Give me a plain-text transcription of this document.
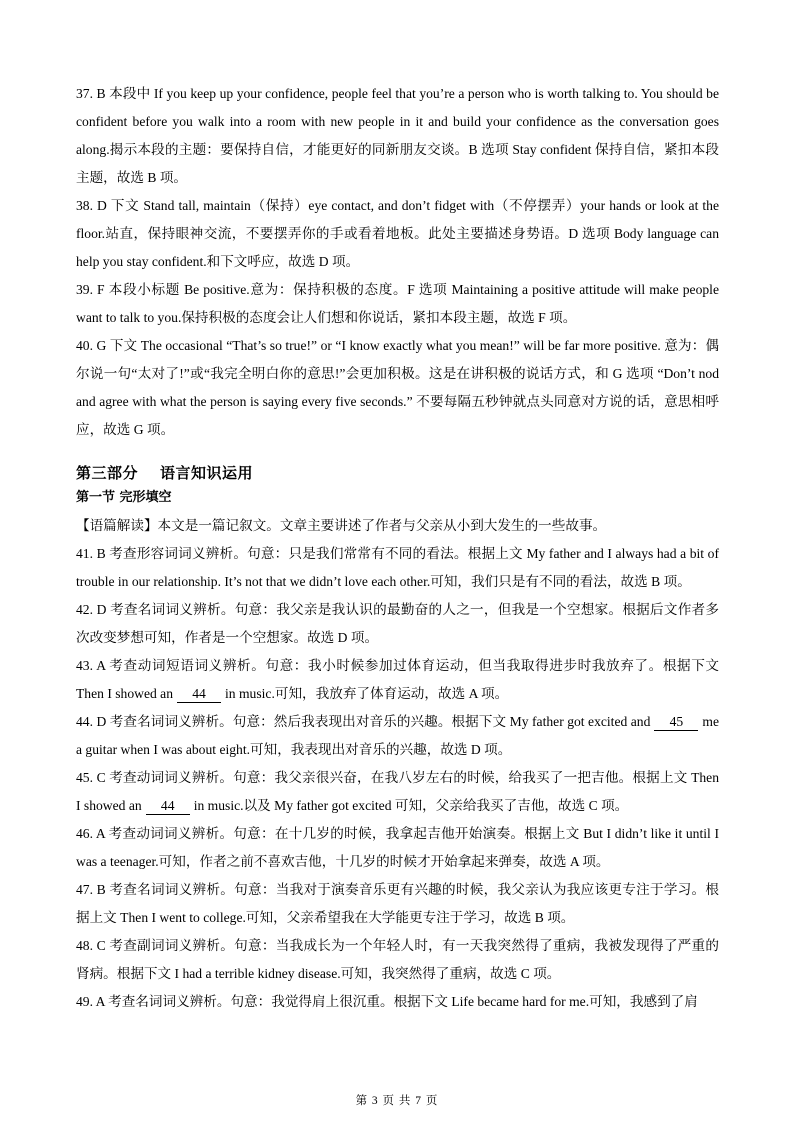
37. B 本段中 If you keep up your confidence, people feel that you’re a person who is worth talking to. You should be confident before you walk into a room with new people in it and build your confidence as the conversation goes along.揭示本段的主题：要保持自信，才能更好的同新朋友交谈。B 选项 Stay confident 保持自信，紧扣本段主题，故选 B 项。

38. D 下文 Stand tall, maintain（保持）eye contact, and don’t fidget with（不停摆弄）your hands or look at the floor.站直，保持眼神交流，不要摆弄你的手或看着地板。此处主要描述身势语。D 选项 Body language can help you stay confident.和下文呼应，故选 D 项。

39. F 本段小标题 Be positive.意为：保持积极的态度。F 选项 Maintaining a positive attitude will make people want to talk to you.保持积极的态度会让人们想和你说话，紧扣本段主题，故选 F 项。

40. G 下文 The occasional “That’s so true!” or “I know exactly what you mean!” will be far more positive. 意为：偶尔说一句“太对了!”或“我完全明白你的意思!”会更加积极。这是在讲积极的说话方式，和 G 选项 “Don’t nod and agree with what the person is saying every five seconds.” 不要每隔五秒钟就点头同意对方说的话，意思相呼应，故选 G 项。

第三部分 语言知识运用
第一节 完形填空

【语篇解读】本文是一篇记叙文。文章主要讲述了作者与父亲从小到大发生的一些故事。

41. B 考查形容词词义辨析。句意：只是我们常常有不同的看法。根据上文 My father and I always had a bit of trouble in our relationship. It’s not that we didn’t love each other.可知，我们只是有不同的看法，故选 B 项。

42. D 考查名词词义辨析。句意：我父亲是我认识的最勤奋的人之一，但我是一个空想家。根据后文作者多次改变梦想可知，作者是一个空想家。故选 D 项。

43. A 考查动词短语词义辨析。句意：我小时候参加过体育运动，但当我取得进步时我放弃了。根据下文 Then I showed an 44 in music.可知，我放弃了体育运动，故选 A 项。

44. D 考查名词词义辨析。句意：然后我表现出对音乐的兴趣。根据下文 My father got excited and 45 me a guitar when I was about eight.可知，我表现出对音乐的兴趣，故选 D 项。

45. C 考查动词词义辨析。句意：我父亲很兴奋，在我八岁左右的时候，给我买了一把吉他。根据上文 Then I showed an 44 in music.以及 My father got excited 可知，父亲给我买了吉他，故选 C 项。

46. A 考查动词词义辨析。句意：在十几岁的时候，我拿起吉他开始演奏。根据上文 But I didn’t like it until I was a teenager.可知，作者之前不喜欢吉他，十几岁的时候才开始拿起来弹奏，故选 A 项。

47. B 考查名词词义辨析。句意：当我对于演奏音乐更有兴趣的时候，我父亲认为我应该更专注于学习。根据上文 Then I went to college.可知，父亲希望我在大学能更专注于学习，故选 B 项。

48. C 考查副词词义辨析。句意：当我成长为一个年轻人时，有一天我突然得了重病，我被发现得了严重的肾病。根据下文 I had a terrible kidney disease.可知，我突然得了重病，故选 C 项。

49. A 考查名词词义辨析。句意：我觉得肩上很沉重。根据下文 Life became hard for me.可知，我感到了肩

第 3 页 共 7 页
